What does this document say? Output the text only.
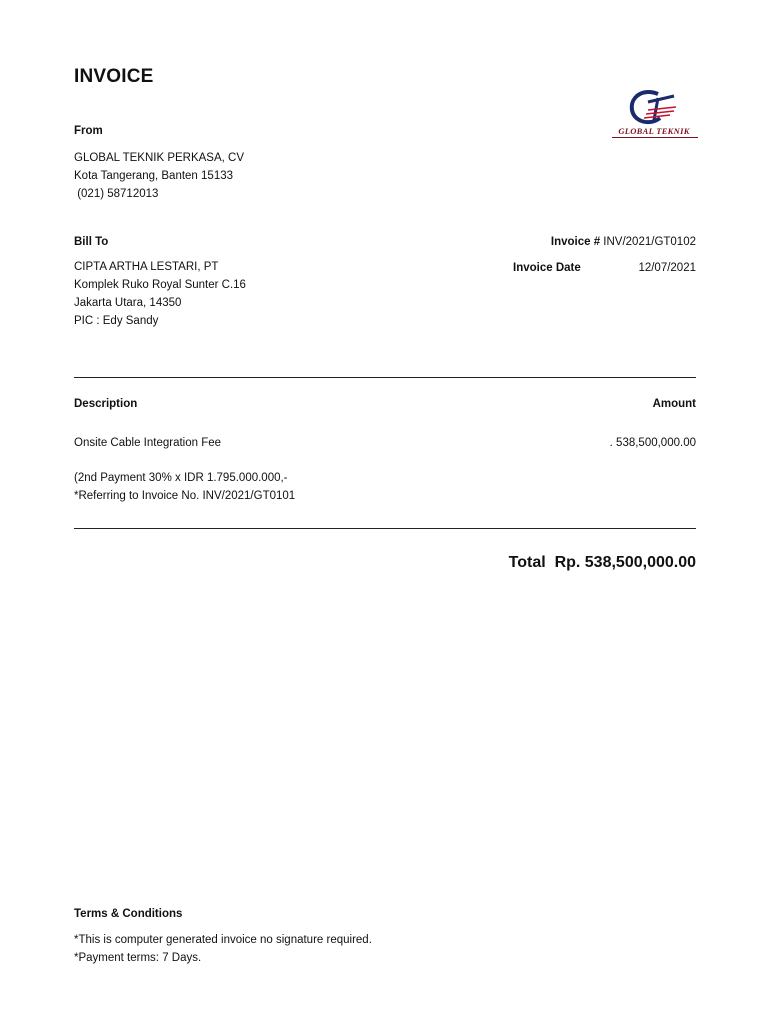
INVOICE
GLOBAL TEKNIK
From
GLOBAL TEKNIK PERKASA, CV
Kota Tangerang, Banten 15133
(021) 58712013
Bill To
CIPTA ARTHA LESTARI, PT
Komplek Ruko Royal Sunter C.16
Jakarta Utara, 14350
PIC : Edy Sandy
Invoice # INV/2021/GT0102
Invoice Date	12/07/2021
Description	Amount
Onsite Cable Integration Fee	. 538,500,000.00
(2nd Payment 30% x IDR 1.795.000.000,-
*Referring to Invoice No. INV/2021/GT0101
Total  Rp. 538,500,000.00
Terms & Conditions
*This is computer generated invoice no signature required.
*Payment terms: 7 Days.
